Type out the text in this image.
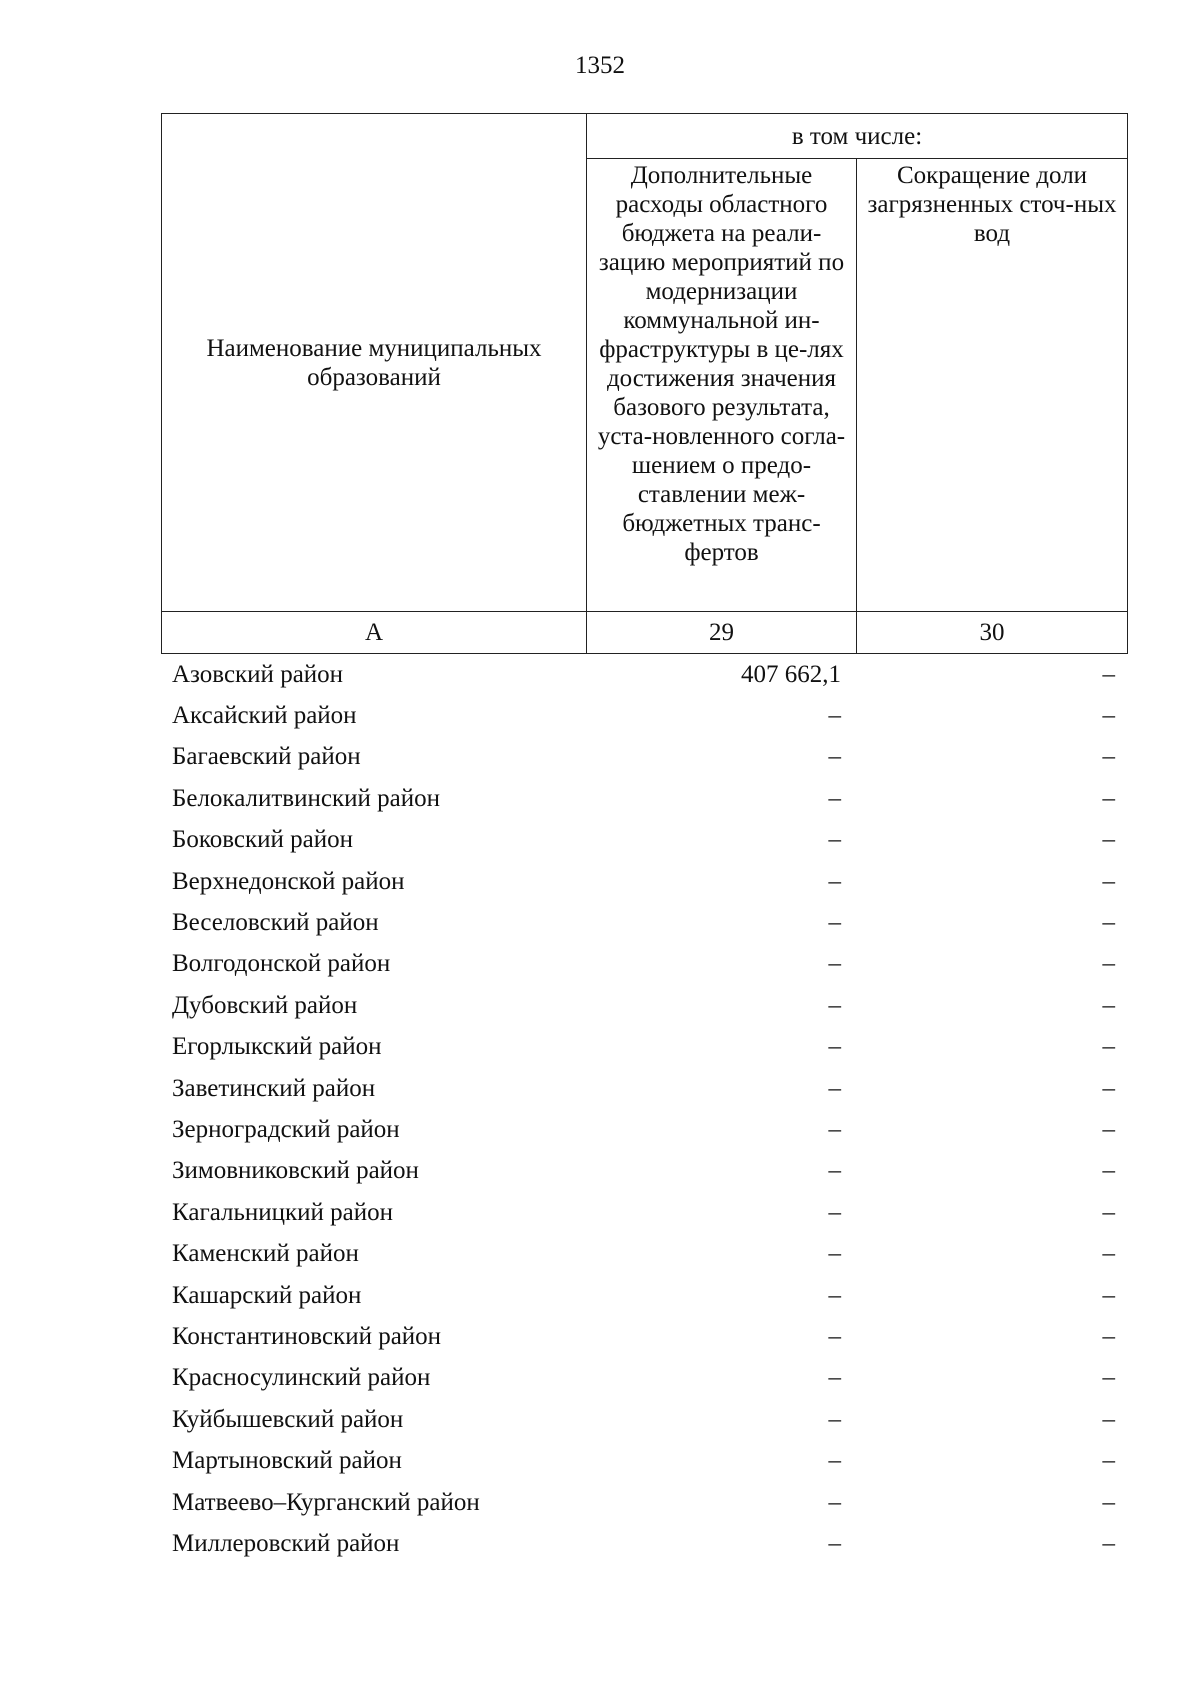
1352
Наименование муниципальных образований	в том числе:	
	Дополнительные расходы областного бюджета на реали-зацию мероприятий по модернизации коммунальной ин-фраструктуры в це-лях достижения значения базового результата, уста-новленного согла-шением о предо-ставлении меж-бюджетных транс-фертов	Сокращение доли загрязненных сточ-ных вод
А	29	30
Азовский район	407 662,1	–
Аксайский район	–	–
Багаевский район	–	–
Белокалитвинский район	–	–
Боковский район	–	–
Верхнедонской район	–	–
Веселовский район	–	–
Волгодонской район	–	–
Дубовский район	–	–
Егорлыкский район	–	–
Заветинский район	–	–
Зерноградский район	–	–
Зимовниковский район	–	–
Кагальницкий район	–	–
Каменский район	–	–
Кашарский район	–	–
Константиновский район	–	–
Красносулинский район	–	–
Куйбышевский район	–	–
Мартыновский район	–	–
Матвеево–Курганский район	–	–
Миллеровский район	–	–
